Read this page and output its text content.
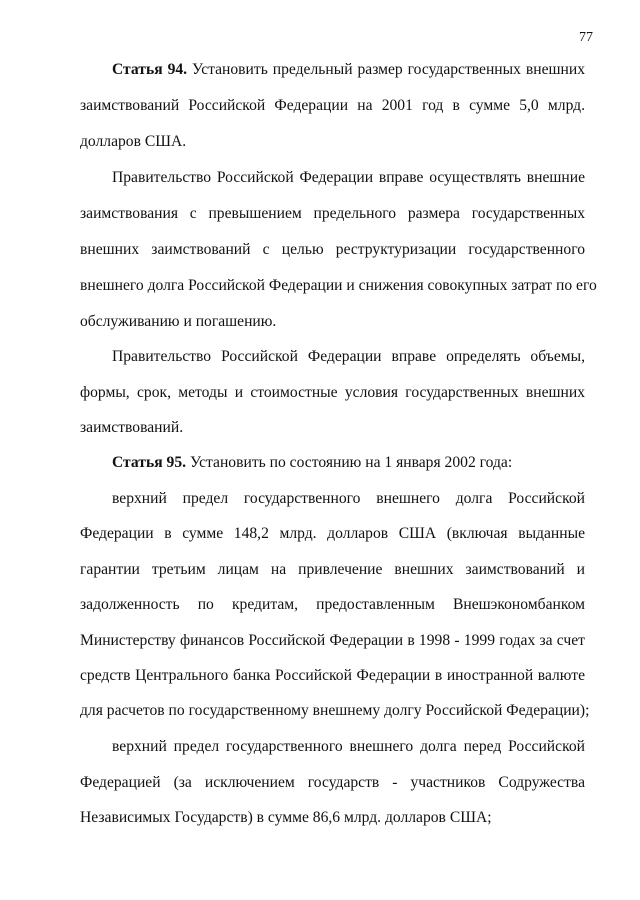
77
Статья 94. Установить предельный размер государственных внешних
заимствований Российской Федерации на 2001 год в сумме 5,0 млрд.
долларов США.
Правительство Российской Федерации вправе осуществлять внешние
заимствования с превышением предельного размера государственных
внешних заимствований с целью реструктуризации государственного
внешнего долга Российской Федерации и снижения совокупных затрат по его
обслуживанию и погашению.
Правительство Российской Федерации вправе определять объемы,
формы, срок, методы и стоимостные условия государственных внешних
заимствований.
Статья 95. Установить по состоянию на 1 января 2002 года:
верхний предел государственного внешнего долга Российской
Федерации в сумме 148,2 млрд. долларов США (включая выданные
гарантии третьим лицам на привлечение внешних заимствований и
задолженность по кредитам, предоставленным Внешэкономбанком
Министерству финансов Российской Федерации в 1998 - 1999 годах за счет
средств Центрального банка Российской Федерации в иностранной валюте
для расчетов по государственному внешнему долгу Российской Федерации);
верхний предел государственного внешнего долга перед Российской
Федерацией (за исключением государств - участников Содружества
Независимых Государств) в сумме 86,6 млрд. долларов США;
